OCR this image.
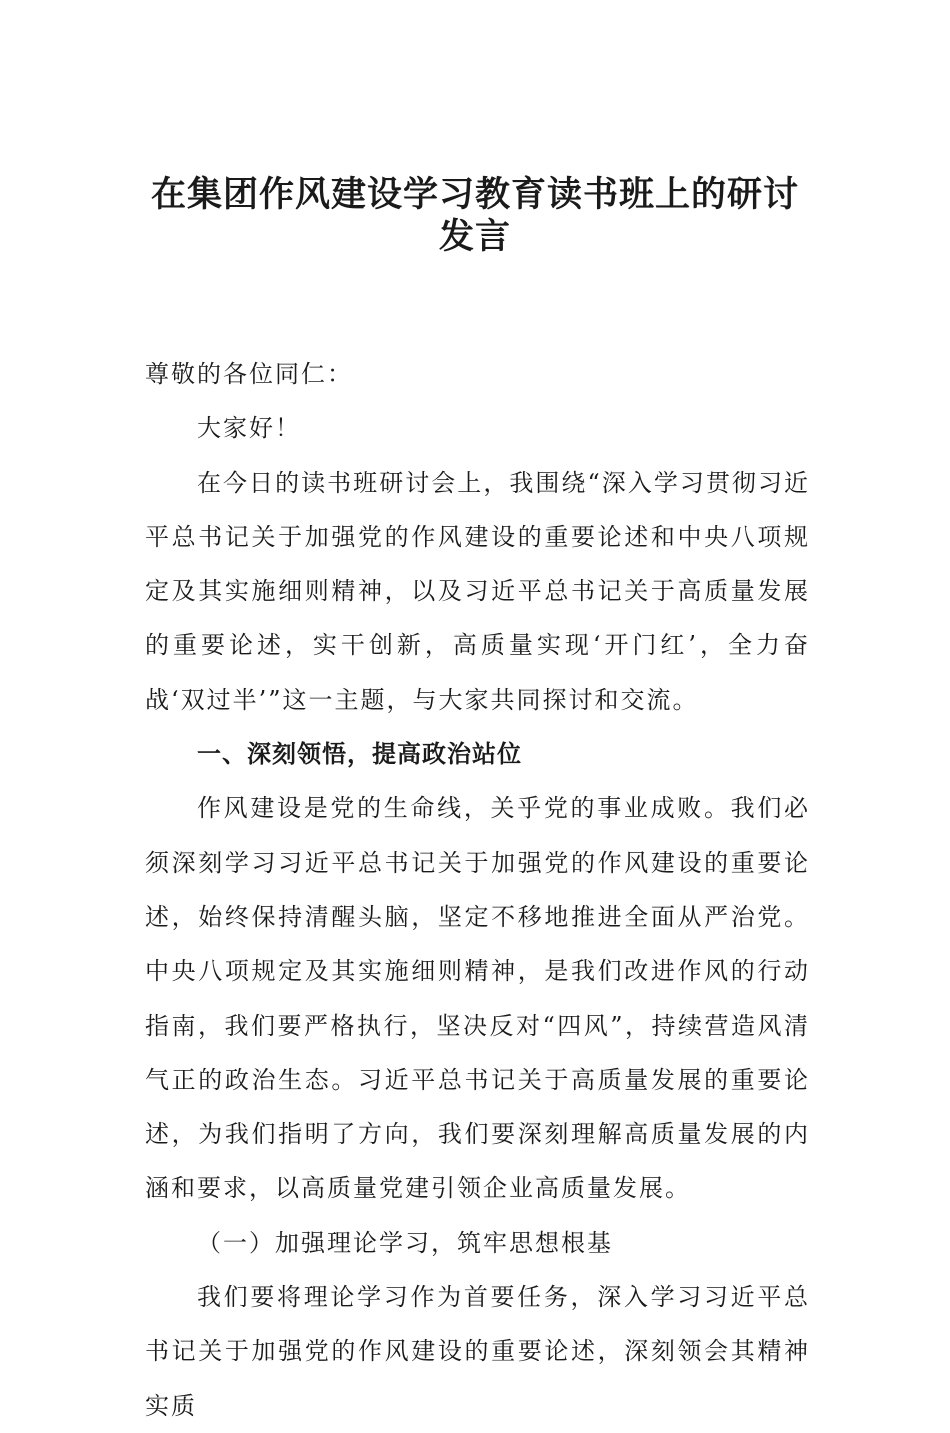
在集团作风建设学习教育读书班上的研讨
发言

尊敬的各位同仁：

大家好！

在今日的读书班研讨会上，我围绕“深入学习贯彻习近平总书记关于加强党的作风建设的重要论述和中央八项规定及其实施细则精神，以及习近平总书记关于高质量发展的重要论述，实干创新，高质量实现‘开门红’，全力奋战‘双过半’”这一主题，与大家共同探讨和交流。

一、深刻领悟，提高政治站位

作风建设是党的生命线，关乎党的事业成败。我们必须深刻学习习近平总书记关于加强党的作风建设的重要论述，始终保持清醒头脑，坚定不移地推进全面从严治党。中央八项规定及其实施细则精神，是我们改进作风的行动指南，我们要严格执行，坚决反对“四风”，持续营造风清气正的政治生态。习近平总书记关于高质量发展的重要论述，为我们指明了方向，我们要深刻理解高质量发展的内涵和要求，以高质量党建引领企业高质量发展。

（一）加强理论学习，筑牢思想根基

我们要将理论学习作为首要任务，深入学习习近平总书记关于加强党的作风建设的重要论述，深刻领会其精神实质
